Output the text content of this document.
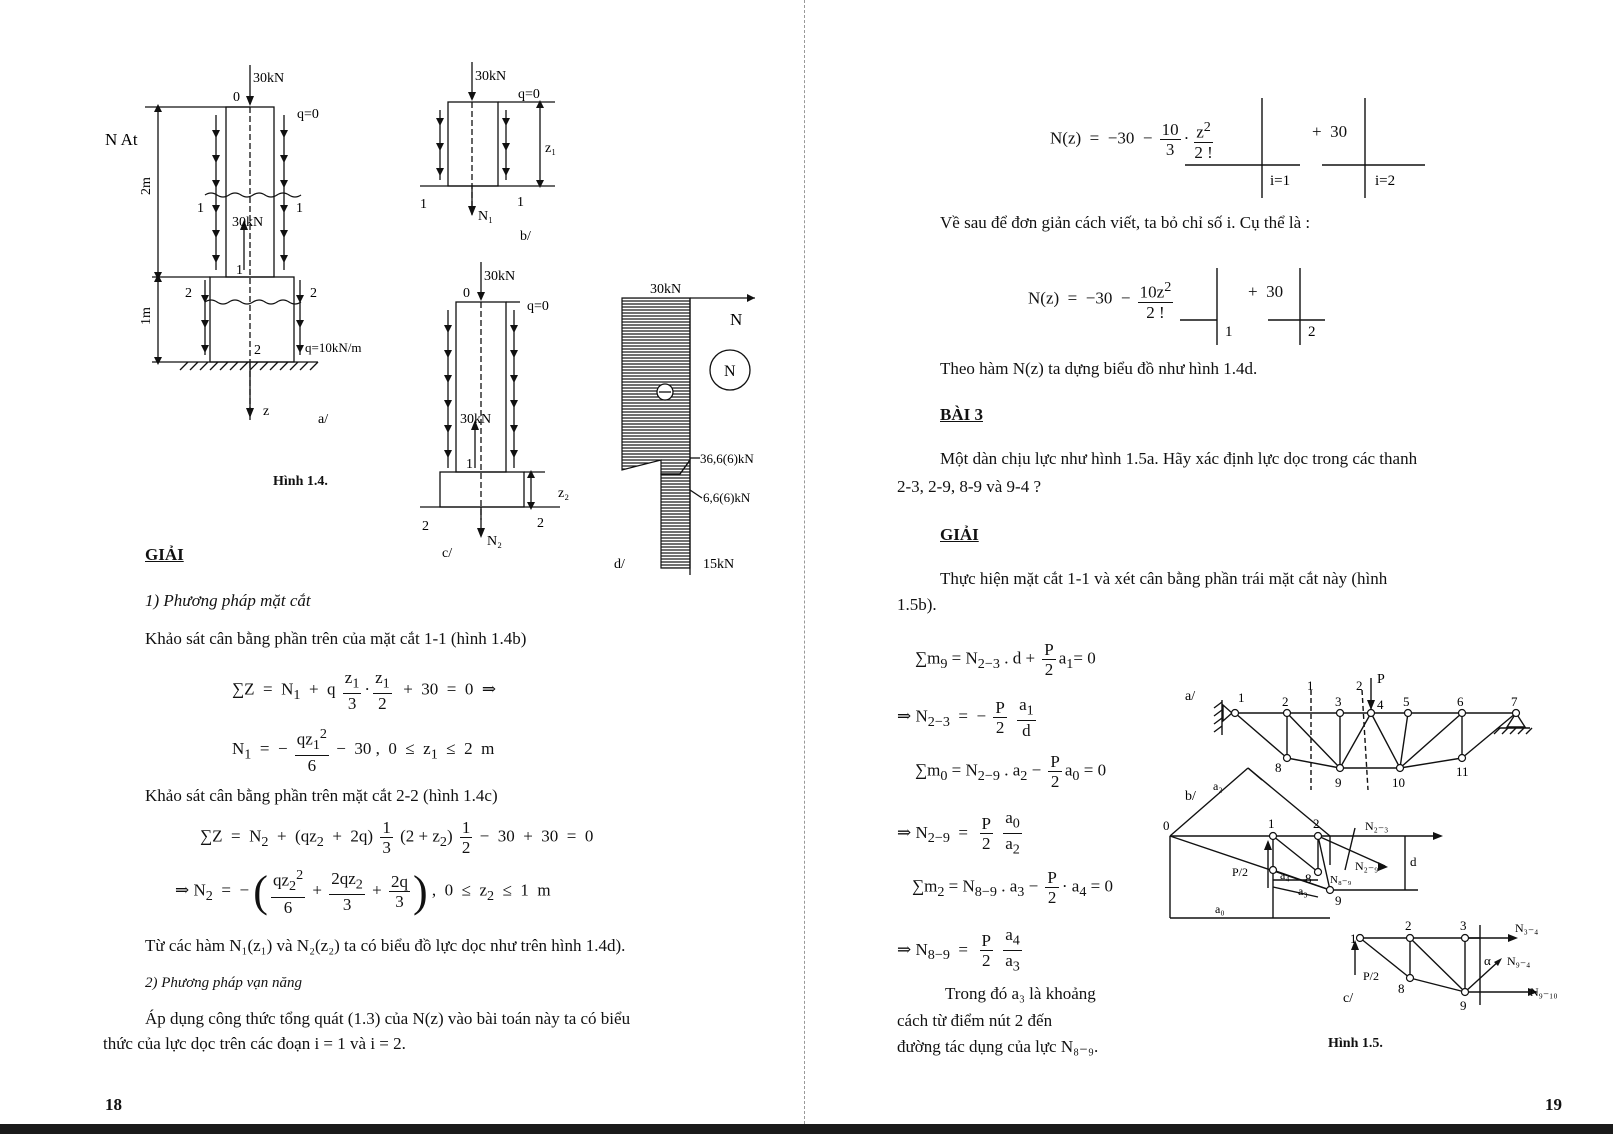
30kN
0
q=0
N At
2m
1m
1	1
30kN
1
2	2
2	q=10kN/m
z
a/
30kN
q=0
z₁
1	1
N₁
b/
30kN
0
q=0
30kN
1
z₂
2	2
N₂
c/
30kN
N
N
36,6(6)kN
6,6(6)kN
15kN
d/
Hình 1.4.
GIẢI
1) Phương pháp mặt cắt
Khảo sát cân bằng phần trên của mặt cắt 1-1 (hình 1.4b)
$\sum Z = N_1 + q \frac{z_1}{3} \cdot \frac{z_1}{2} + 30 = 0$  ⇒
$N_1$  =  − $\frac{qz_1^2}{6} - 30$ ,  $0 \le z_1 \le 2$  m
Khảo sát cân bằng phần trên mặt cắt 2-2 (hình 1.4c)
$\sum Z = N_2 + (qz_2 + 2q) \frac{1}{3} (2 + z_2) \frac{1}{2} - 30 + 30 = 0$
⇒ $N_2$  =  − ( $\frac{qz_2^2}{6} + \frac{2qz_2}{3} + \frac{2q}{3}$ ) ,  $0 \le z_2 \le 1$  m
Từ các hàm N₁(z₁) và N₂(z₂) ta có biểu đồ lực dọc như trên hình 1.4d).
2) Phương pháp vạn năng
Áp dụng công thức tổng quát (1.3) của N(z) vào bài toán này ta có biểu
thức của lực dọc trên các đoạn i = 1 và i = 2.
18
$N(z) = -30 - \frac{10}{3} \cdot \frac{z^2}{2 !}$
i=1	i=2
1	2
+  30
Về sau để đơn giản cách viết, ta bỏ chỉ số i. Cụ thể là :
$N(z) = -30 - \frac{10z^2}{2 !}$	+  30
Theo hàm N(z) ta dựng biểu đồ như hình 1.4d.
BÀI 3
Một dàn chịu lực như hình 1.5a. Hãy xác định lực dọc trong các thanh
2-3, 2-9, 8-9 và 9-4 ?
GIẢI
Thực hiện mặt cắt 1-1 và xét cân bằng phần trái mặt cắt này (hình
1.5b).
$\sum m_9 = N_{2-3}$ . $d + \frac{P}{2} a_1= 0$
⇒ $N_{2-3}$  =  − $\frac{P}{2}$
$\frac{a_1}{d}$
$\sum m_0 = N_{2-9}$ . $a_2 - \frac{P}{2} a_0 = 0$
⇒ $N_{2-9} = \frac{P}{2}$
$\frac{a_0}{a_2}$
$\sum m_2 = N_{8-9}$ . $a_3 - \frac{P}{2} \cdot a_4 = 0$
⇒ $N_{8-9} = \frac{P}{2}$
$\frac{a_4}{a_3}$
Trong đó a₃ là khoảng
cách từ điểm nút 2 đến
đường tác dụng của lực N₈₋₉.
a/	1	2	3	4 5	6	7
8
9	10
11
P
1	2
b/
0	1	2
8
9
a₂
a₄
a₃
a₀
d
P/2
N₂₋₃
N₂₋₉
N₈₋₉
c/
1
2	3
8
9
P/2
α
N₃₋₄
N₉₋₄
N₉₋₁₀
Hình 1.5.
19
